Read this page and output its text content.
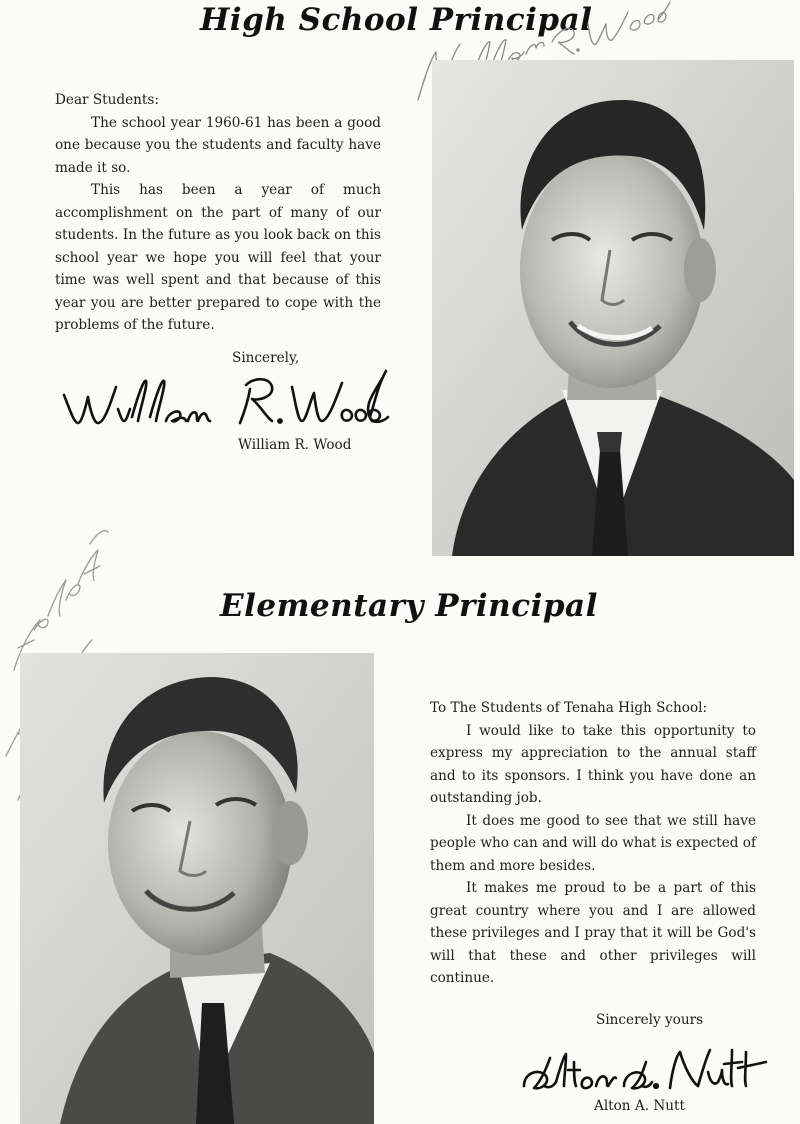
High School Principal

Dear Students:

The school year 1960-61 has been a good one because you the students and faculty have made it so.

This has been a year of much accomplishment on the part of many of our students. In the future as you look back on this school year we hope you will feel that your time was well spent and that because of this year you are better prepared to cope with the problems of the future.

Sincerely,
William R. Wood
Elementary Principal

To The Students of Tenaha High School:

I would like to take this opportunity to express my appreciation to the annual staff and to its sponsors. I think you have done an outstanding job.

It does me good to see that we still have people who can and will do what is expected of them and more besides.

It makes me proud to be a part of this great country where you and I are allowed these privileges and I pray that it will be God's will that these and other privileges will continue.

Sincerely yours
Alton A. Nutt
